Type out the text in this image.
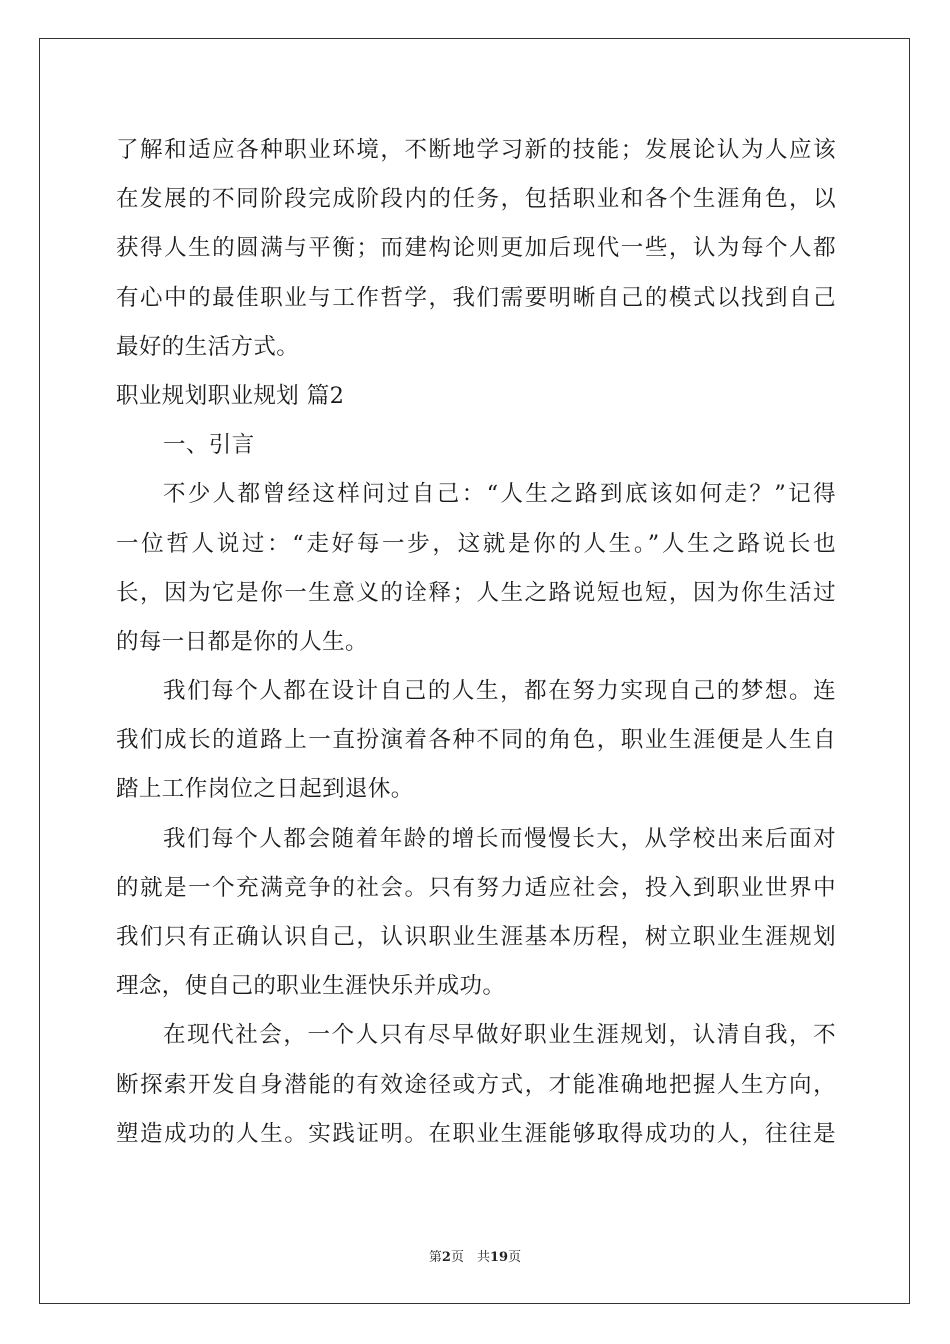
了解和适应各种职业环境，不断地学习新的技能；发展论认为人应该
在发展的不同阶段完成阶段内的任务，包括职业和各个生涯角色，以
获得人生的圆满与平衡；而建构论则更加后现代一些，认为每个人都
有心中的最佳职业与工作哲学，我们需要明晰自己的模式以找到自己
最好的生活方式。
职业规划职业规划 篇2
一、引言
不少人都曾经这样问过自己：“人生之路到底该如何走？”记得
一位哲人说过：“走好每一步，这就是你的人生。”人生之路说长也
长，因为它是你一生意义的诠释；人生之路说短也短，因为你生活过
的每一日都是你的人生。
我们每个人都在设计自己的人生，都在努力实现自己的梦想。连
我们成长的道路上一直扮演着各种不同的角色，职业生涯便是人生自
踏上工作岗位之日起到退休。
我们每个人都会随着年龄的增长而慢慢长大，从学校出来后面对
的就是一个充满竞争的社会。只有努力适应社会，投入到职业世界中
我们只有正确认识自己，认识职业生涯基本历程，树立职业生涯规划
理念，使自己的职业生涯快乐并成功。
在现代社会，一个人只有尽早做好职业生涯规划，认清自我，不
断探索开发自身潜能的有效途径或方式，才能准确地把握人生方向，
塑造成功的人生。实践证明。在职业生涯能够取得成功的人，往往是
第2页　共19页
